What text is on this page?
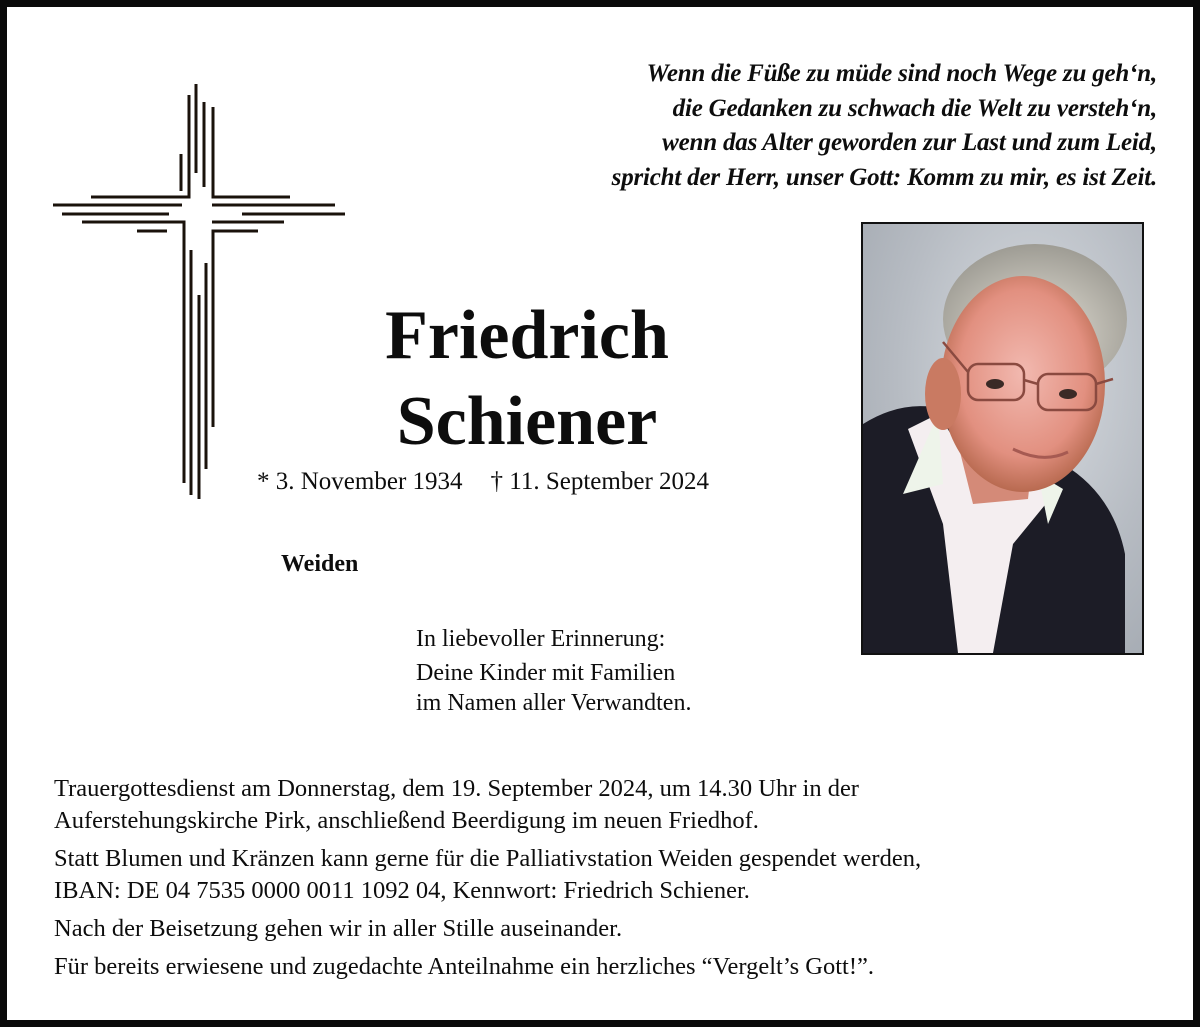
Wenn die Füße zu müde sind noch Wege zu geh‘n,
die Gedanken zu schwach die Welt zu versteh‘n,
wenn das Alter geworden zur Last und zum Leid,
spricht der Herr, unser Gott: Komm zu mir, es ist Zeit.
Friedrich
Schiener
* 3. November 1934 † 11. September 2024
Weiden
In liebevoller Erinnerung:
Deine Kinder mit Familien
im Namen aller Verwandten.

Trauergottesdienst am Donnerstag, dem 19. September 2024, um 14.30 Uhr in der
Auferstehungskirche Pirk, anschließend Beerdigung im neuen Friedhof.

Statt Blumen und Kränzen kann gerne für die Palliativstation Weiden gespendet werden,
IBAN: DE 04 7535 0000 0011 1092 04, Kennwort: Friedrich Schiener.

Nach der Beisetzung gehen wir in aller Stille auseinander.

Für bereits erwiesene und zugedachte Anteilnahme ein herzliches “Vergelt’s Gott!”.
